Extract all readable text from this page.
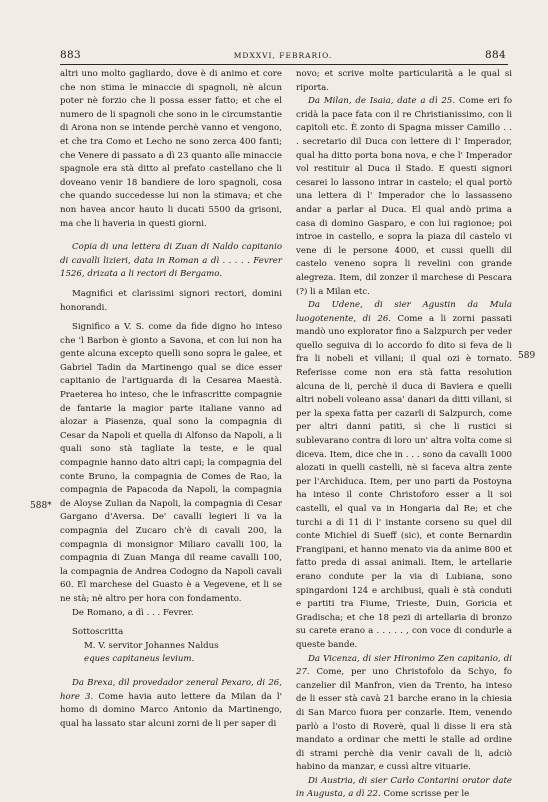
883	MDXXVI, FEBRARIO.	884
588*
589

altri uno molto gagliardo, dove è di animo et core che non stima le minaccie di spagnoli, nè alcun poter nè forzio che li possa esser fatto; et che el numero de li spagnoli che sono in le circumstantie di Arona non se intende perchè vanno et vengono, et che tra Como et Lecho ne sono zerca 400 fanti; che Venere di passato a dì 23 quanto alle minaccie spagnole era stà ditto al prefato castellano che li doveano venir 18 bandiere de loro spagnoli, cosa che quando succedesse lui non la stimava; et che non havea ancor hauto li ducati 5500 da grisoni, ma che li haveria in questi giorni.

Copia di una lettera di Zuan di Naldo capitanio di cavalli lizieri, data in Roman a dì . . . . . Fevrer 1526, drizata a li rectori di Bergamo.

Magnifici et clarissimi signori rectori, domini honorandi.

Significo a V. S. come da fide digno ho inteso che 'l Barbon è gionto a Savona, et con lui non ha gente alcuna excepto quelli sono sopra le galee, et Gabriel Tadin da Martinengo qual se dice esser capitanio de l'artiguarda di la Cesarea Maestà. Praeterea ho inteso, che le infrascritte compagnie de fantarie la magior parte italiane vanno ad alozar a Piasenza, qual sono la compagnia di Cesar da Napoli et quella di Alfonso da Napoli, a li quali sono stà tagliate la teste, e le qual compagnie hanno dato altri capi; la compagnia del conte Bruno, la compagnia de Comes de Rao, la compagnia de Papacoda da Napoli, la compagnia de Aloyse Zulian da Napoli, la compagnia di Cesar Gargano d'Aversa. De' cavalli legieri li va la compagnia del Zucaro ch'è di cavali 200, la compagnia di monsignor Miliaro cavalli 100, la compagnia di Zuan Manga dil reame cavalli 100, la compagnia de Andrea Codogno da Napoli cavali 60. El marchese del Guasto è a Vegevene, et li se ne stà; nè altro per hora con fondamento.

De Romano, a dì . . . Fevrer.

Sottoscritta

M. V. servitor Johannes Naldus

eques capitaneus levium.

Da Brexa, dil provedador zeneral Pexaro, di 26, hore 3. Come havia auto lettere da Milan da l' homo di domino Marco Antonio da Martinengo, qual ha lassato star alcuni zorni de li per saper di

novo; et scrive molte particularità a le qual si riporta.

Da Milan, de Isaia, date a dì 25. Come eri fo cridà la pace fata con il re Christianissimo, con li capitoli etc. È zonto di Spagna misser Camillo . . . secretario dil Duca con lettere di l' Imperador, qual ha ditto porta bona nova, e che l' Imperador vol restituir al Duca il Stado. E questi signori cesarei lo lassono intrar in castelo; el qual portò una lettera di l' Imperador che lo lassasseno andar a parlar al Duca. El qual andò prima a casa di domino Gasparo, e con lui ragionoe; poi introe in castello, e sopra la piaza dil castelo vi vene di le persone 4000, et cussi quelli dil castelo veneno sopra li revelini con grande alegreza. Item, dil zonzer il marchese di Pescara (?) li a Milan etc.

Da Udene, di sier Agustin da Mula luogotenente, di 26. Come a li zorni passati mandò uno explorator fino a Salzpurch per veder quello seguiva di lo accordo fo dito si feva de li fra li nobeli et villani; il qual ozi è tornato. Referisse come non era stà fatta resolution alcuna de li, perchè il duca di Baviera e quelli altri nobeli voleano assa' danari da ditti villani, si per la spexa fatta per cazarli di Salzpurch, come per altri danni patiti, sì che li rustici si sublevarano contra di loro un' altra volta come si diceva. Item, dice che in . . . sono da cavalli 1000 alozati in quelli castelli, nè si faceva altra zente per l'Archiduca. Item, per uno parti da Postoyna ha inteso il conte Christoforo esser a li soi castelli, el qual va in Hongaria dal Re; et che turchi a dì 11 di l' instante corseno su quel dil conte Michiel di Sueff (sic), et conte Bernardin Frangipani, et hanno menato via da anime 800 et fatto preda di assai animali. Item, le artellarie erano condute per la via di Lubiana, sono spingardoni 124 e archibusi, quali è stà conduti e partiti tra Fiume, Trieste, Duin, Goricia et Gradischa; et che 18 pezi di artellaria di bronzo su carete erano a . . . . . , con voce di condurle a queste bande.

Da Vicenza, di sier Hironimo Zen capitanio, di 27. Come, per uno Christofolo da Schyo, fo canzelier dil Manfron, vien da Trento, ha inteso de li esser stà cavà 21 barche erano in la chiesia di San Marco fuora per conzarle. Item, venendo parlò a l'osto di Roverè, qual li disse li era stà mandato a ordinar che metti le stalle ad ordine di strami perchè dia venir cavali de li, adciò habino da manzar, e cussì altre vituarie.

Di Austria, di sier Carlo Contarini orator date in Augusta, a dì 22. Come scrisse per le
